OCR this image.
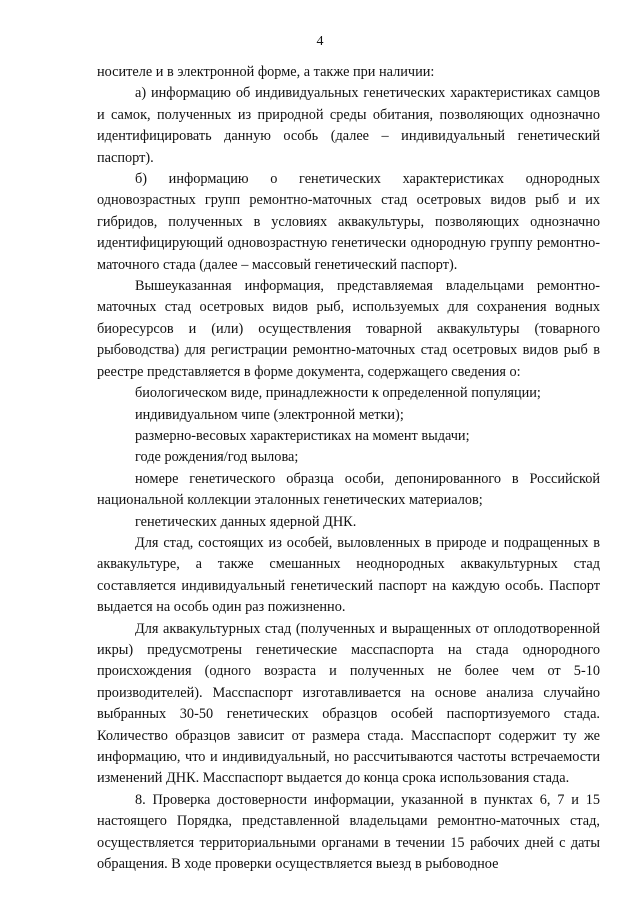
4

носителе и в электронной форме, а также при наличии:

а) информацию об индивидуальных генетических характеристиках самцов и самок, полученных из природной среды обитания, позволяющих однозначно идентифицировать данную особь (далее – индивидуальный генетический паспорт).

б) информацию о генетических характеристиках однородных одновозрастных групп ремонтно-маточных стад осетровых видов рыб и их гибридов, полученных в условиях аквакультуры, позволяющих однозначно идентифицирующий одновозрастную генетически однородную группу ремонтно-маточного стада (далее – массовый генетический паспорт).

Вышеуказанная информация, представляемая владельцами ремонтно-маточных стад осетровых видов рыб, используемых для сохранения водных биоресурсов и (или) осуществления товарной аквакультуры (товарного рыбоводства) для регистрации ремонтно-маточных стад осетровых видов рыб в реестре представляется в форме документа, содержащего сведения о:

биологическом виде, принадлежности к определенной популяции;

индивидуальном чипе (электронной метки);

размерно-весовых характеристиках на момент выдачи;

годе рождения/год вылова;

номере генетического образца особи, депонированного в Российской национальной коллекции эталонных генетических материалов;

генетических данных ядерной ДНК.

Для стад, состоящих из особей, выловленных в природе и подращенных в аквакультуре, а также смешанных неоднородных аквакультурных стад составляется индивидуальный генетический паспорт на каждую особь. Паспорт выдается на особь один раз пожизненно.

Для аквакультурных стад (полученных и выращенных от оплодотворенной икры) предусмотрены генетические масспаспорта на стада однородного происхождения (одного возраста и полученных не более чем от 5-10 производителей). Масспаспорт изготавливается на основе анализа случайно выбранных 30-50 генетических образцов особей паспортизуемого стада. Количество образцов зависит от размера стада. Масспаспорт содержит ту же информацию, что и индивидуальный, но рассчитываются частоты встречаемости изменений ДНК. Масспаспорт выдается до конца срока использования стада.

8. Проверка достоверности информации, указанной в пунктах 6, 7 и 15 настоящего Порядка, представленной владельцами ремонтно-маточных стад, осуществляется территориальными органами в течении 15 рабочих дней с даты обращения. В ходе проверки осуществляется выезд в рыбоводное
